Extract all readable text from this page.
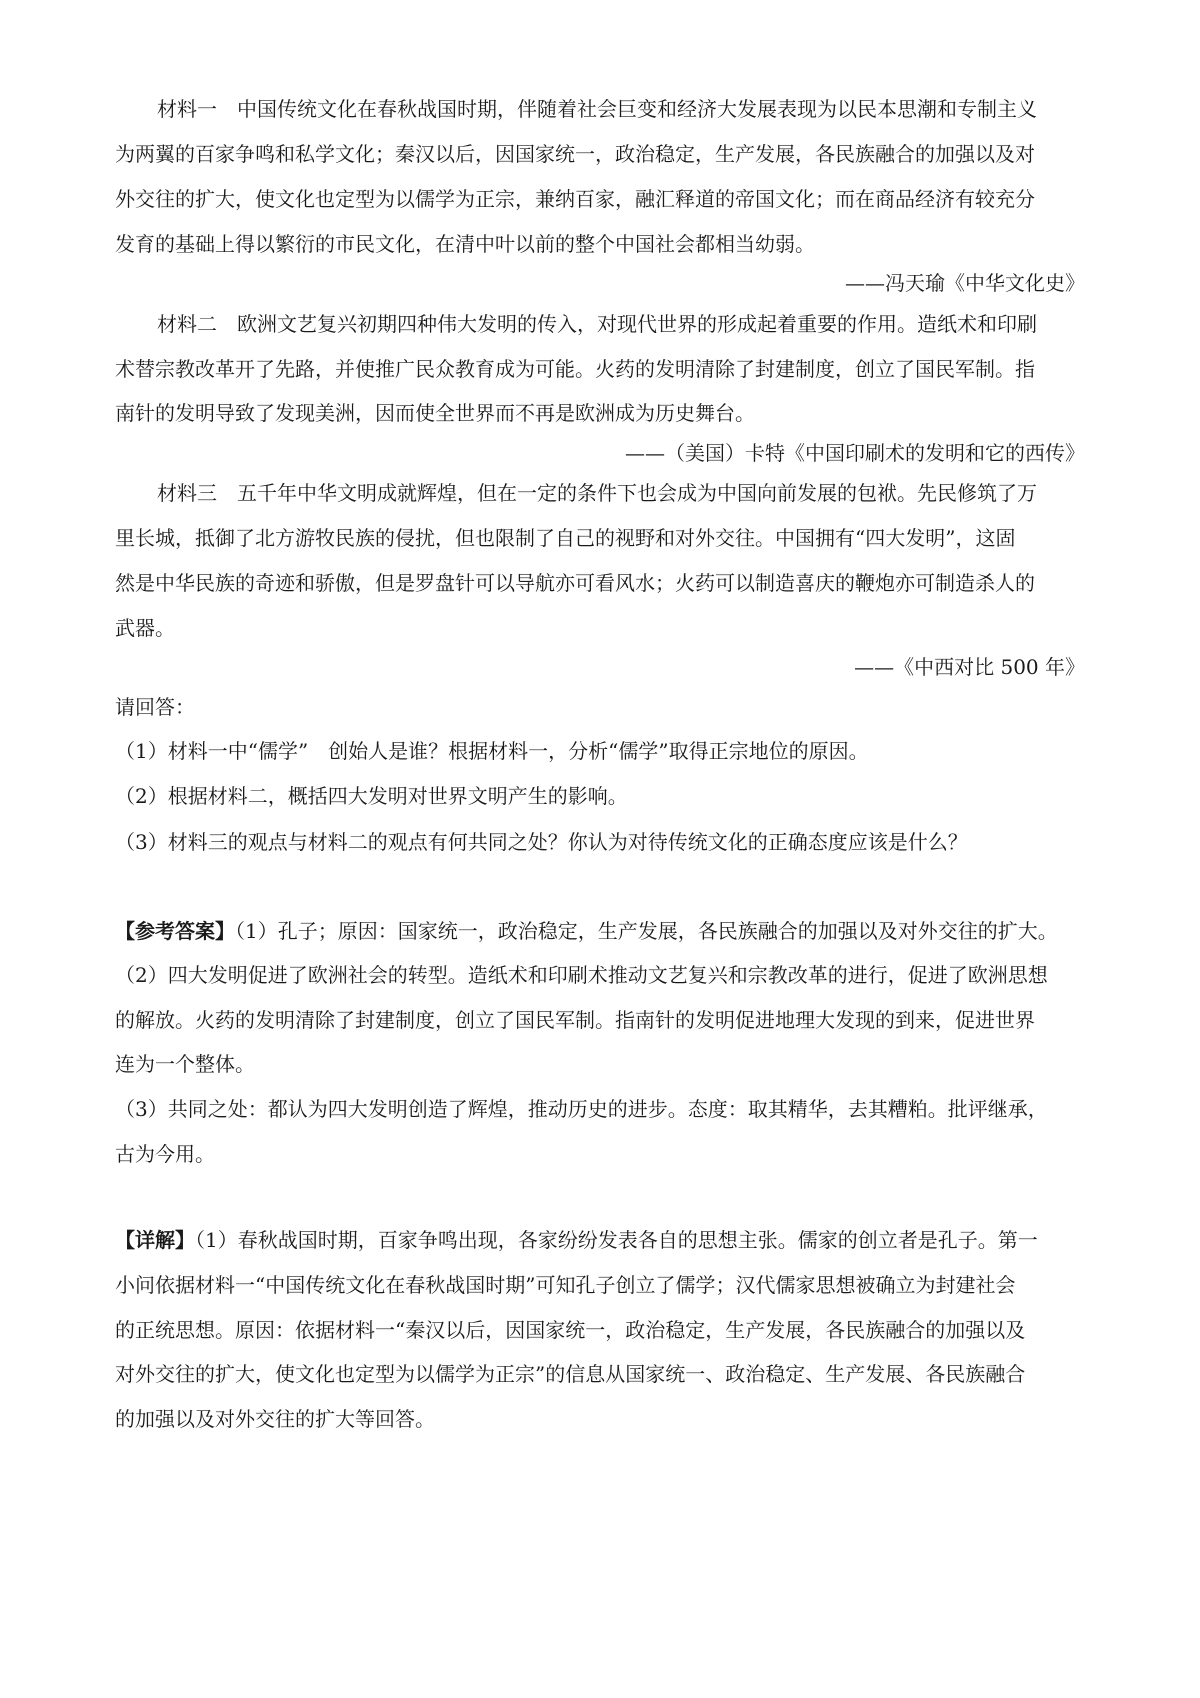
材料一　中国传统文化在春秋战国时期，伴随着社会巨变和经济大发展表现为以民本思潮和专制主义
为两翼的百家争鸣和私学文化；秦汉以后，因国家统一，政治稳定，生产发展，各民族融合的加强以及对
外交往的扩大，使文化也定型为以儒学为正宗，兼纳百家，融汇释道的帝国文化；而在商品经济有较充分
发育的基础上得以繁衍的市民文化，在清中叶以前的整个中国社会都相当幼弱。
——冯天瑜《中华文化史》
材料二　欧洲文艺复兴初期四种伟大发明的传入，对现代世界的形成起着重要的作用。造纸术和印刷
术替宗教改革开了先路，并使推广民众教育成为可能。火药的发明清除了封建制度，创立了国民军制。指
南针的发明导致了发现美洲，因而使全世界而不再是欧洲成为历史舞台。
——（美国）卡特《中国印刷术的发明和它的西传》
材料三　五千年中华文明成就辉煌，但在一定的条件下也会成为中国向前发展的包袱。先民修筑了万
里长城，抵御了北方游牧民族的侵扰，但也限制了自己的视野和对外交往。中国拥有“四大发明”，这固
然是中华民族的奇迹和骄傲，但是罗盘针可以导航亦可看风水；火药可以制造喜庆的鞭炮亦可制造杀人的
武器。
——《中西对比 500 年》
请回答：
（1）材料一中“儒学”　创始人是谁？根据材料一，分析“儒学”取得正宗地位的原因。
（2）根据材料二，概括四大发明对世界文明产生的影响。
（3）材料三的观点与材料二的观点有何共同之处？你认为对待传统文化的正确态度应该是什么？
【参考答案】（1）孔子；原因：国家统一，政治稳定，生产发展，各民族融合的加强以及对外交往的扩大。
（2）四大发明促进了欧洲社会的转型。造纸术和印刷术推动文艺复兴和宗教改革的进行，促进了欧洲思想
的解放。火药的发明清除了封建制度，创立了国民军制。指南针的发明促进地理大发现的到来，促进世界
连为一个整体。
（3）共同之处：都认为四大发明创造了辉煌，推动历史的进步。态度：取其精华，去其糟粕。批评继承，
古为今用。
【详解】（1）春秋战国时期，百家争鸣出现，各家纷纷发表各自的思想主张。儒家的创立者是孔子。第一
小问依据材料一“中国传统文化在春秋战国时期”可知孔子创立了儒学；汉代儒家思想被确立为封建社会
的正统思想。原因：依据材料一“秦汉以后，因国家统一，政治稳定，生产发展，各民族融合的加强以及
对外交往的扩大，使文化也定型为以儒学为正宗”的信息从国家统一、政治稳定、生产发展、各民族融合
的加强以及对外交往的扩大等回答。
